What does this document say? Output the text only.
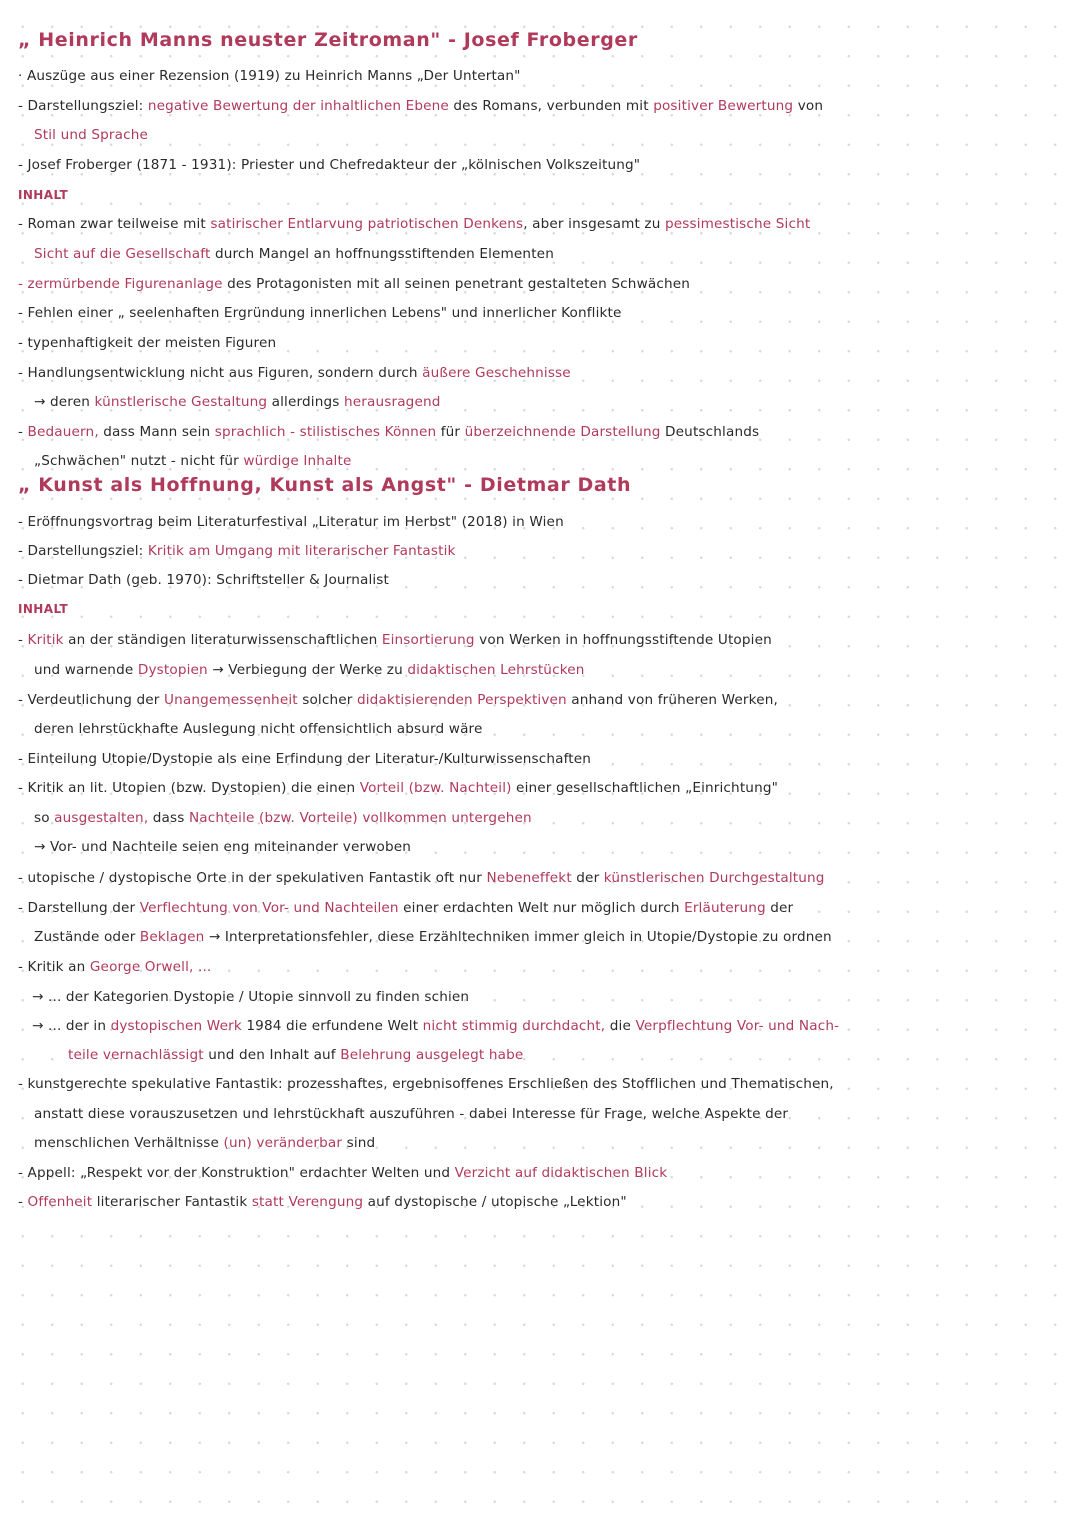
„ Heinrich Manns neuster Zeitroman" - Josef Froberger
· Auszüge aus einer Rezension (1919) zu Heinrich Manns „Der Untertan"
- Darstellungsziel: negative Bewertung der inhaltlichen Ebene des Romans, verbunden mit positiver Bewertung von
Stil und Sprache
- Josef Froberger (1871 - 1931): Priester und Chefredakteur der „kölnischen Volkszeitung"
INHALT
- Roman zwar teilweise mit satirischer Entlarvung patriotischen Denkens, aber insgesamt zu pessimestische Sicht
Sicht auf die Gesellschaft durch Mangel an hoffnungsstiftenden Elementen
- zermürbende Figurenanlage des Protagonisten mit all seinen penetrant gestalteten Schwächen
- Fehlen einer „ seelenhaften Ergründung innerlichen Lebens" und innerlicher Konflikte
- typenhaftigkeit der meisten Figuren
- Handlungsentwicklung nicht aus Figuren, sondern durch äußere Geschehnisse
→ deren künstlerische Gestaltung allerdings herausragend
- Bedauern, dass Mann sein sprachlich - stilistisches Können für überzeichnende Darstellung Deutschlands
„Schwächen" nutzt - nicht für würdige Inhalte
„ Kunst als Hoffnung, Kunst als Angst" - Dietmar Dath
- Eröffnungsvortrag beim Literaturfestival „Literatur im Herbst" (2018) in Wien
- Darstellungsziel: Kritik am Umgang mit literarischer Fantastik
- Dietmar Dath (geb. 1970): Schriftsteller & Journalist
INHALT
- Kritik an der ständigen literaturwissenschaftlichen Einsortierung von Werken in hoffnungsstiftende Utopien
und warnende Dystopien → Verbiegung der Werke zu didaktischen Lehrstücken
- Verdeutlichung der Unangemessenheit solcher didaktisierenden Perspektiven anhand von früheren Werken,
deren lehrstückhafte Auslegung nicht offensichtlich absurd wäre
- Einteilung Utopie/Dystopie als eine Erfindung der Literatur-/Kulturwissenschaften
- Kritik an lit. Utopien (bzw. Dystopien) die einen Vorteil (bzw. Nachteil) einer gesellschaftlichen „Einrichtung"
so ausgestalten, dass Nachteile (bzw. Vorteile) vollkommen untergehen
→ Vor- und Nachteile seien eng miteinander verwoben
- utopische / dystopische Orte in der spekulativen Fantastik oft nur Nebeneffekt der künstlerischen Durchgestaltung
- Darstellung der Verflechtung von Vor- und Nachteilen einer erdachten Welt nur möglich durch Erläuterung der
Zustände oder Beklagen → Interpretationsfehler, diese Erzähltechniken immer gleich in Utopie/Dystopie zu ordnen
- Kritik an George Orwell, ...
→ ... der Kategorien Dystopie / Utopie sinnvoll zu finden schien
→ ... der in dystopischen Werk 1984 die erfundene Welt nicht stimmig durchdacht, die Verpflechtung Vor- und Nach-
teile vernachlässigt und den Inhalt auf Belehrung ausgelegt habe
- kunstgerechte spekulative Fantastik: prozesshaftes, ergebnisoffenes Erschließen des Stofflichen und Thematischen,
anstatt diese vorauszusetzen und lehrstückhaft auszuführen - dabei Interesse für Frage, welche Aspekte der
menschlichen Verhältnisse (un) veränderbar sind
- Appell: „Respekt vor der Konstruktion" erdachter Welten und Verzicht auf didaktischen Blick
- Offenheit literarischer Fantastik statt Verengung auf dystopische / utopische „Lektion"
